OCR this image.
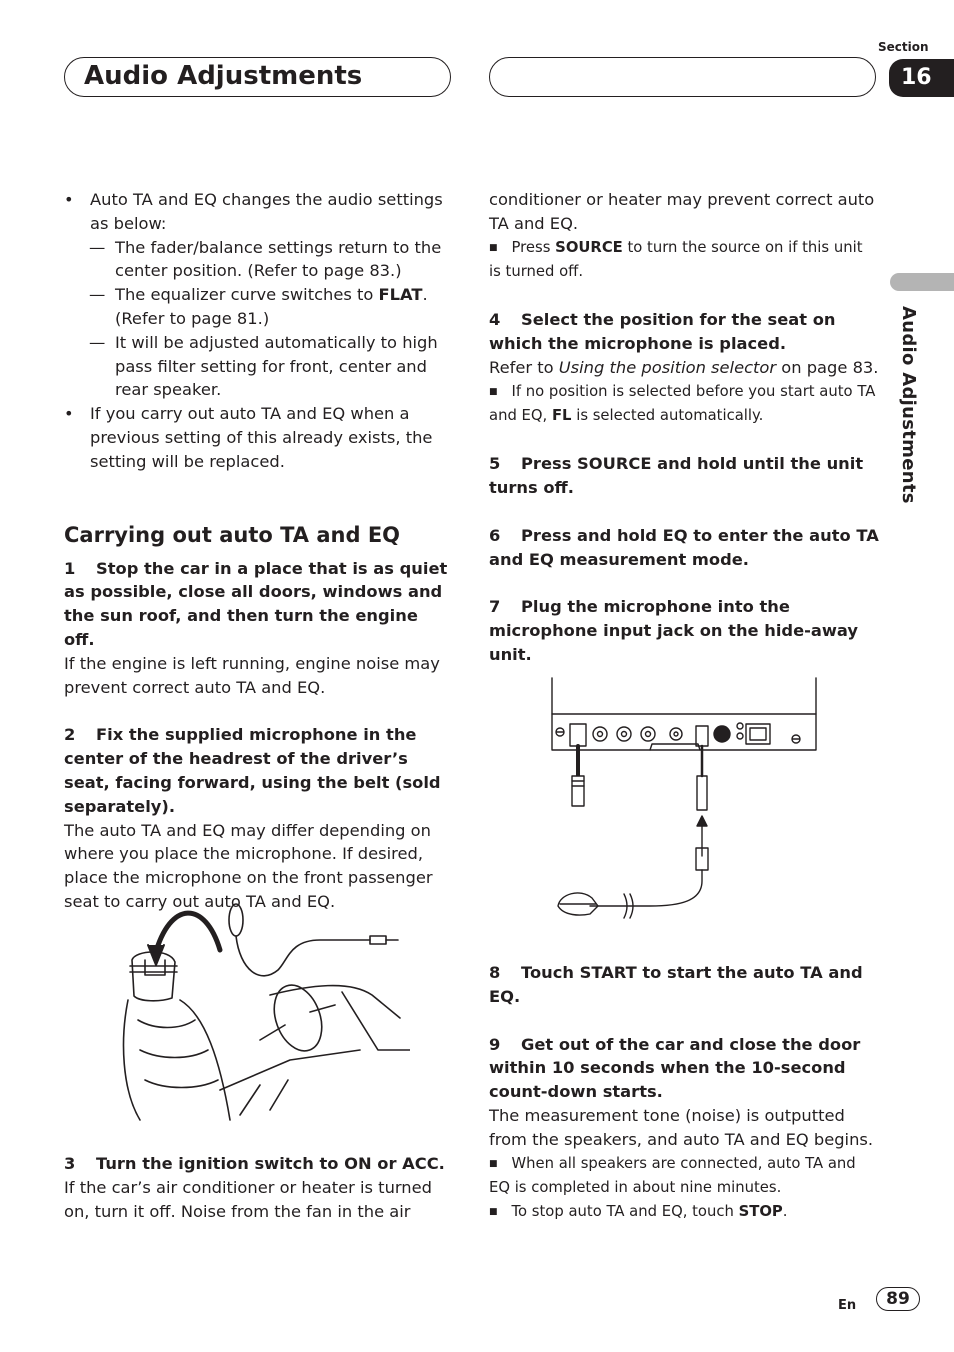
Audio Adjustments
Section
16
Audio Adjustments

• Auto TA and EQ changes the audio settings as below:

— The fader/balance settings return to the center position. (Refer to page 83.)

— The equalizer curve switches to FLAT. (Refer to page 81.)

— It will be adjusted automatically to high pass filter setting for front, center and rear speaker.

• If you carry out auto TA and EQ when a previous setting of this already exists, the setting will be replaced.

Carrying out auto TA and EQ

1 Stop the car in a place that is as quiet as possible, close all doors, windows and the sun roof, and then turn the engine off.

If the engine is left running, engine noise may prevent correct auto TA and EQ.

2 Fix the supplied microphone in the center of the headrest of the driver’s seat, facing forward, using the belt (sold separately).

The auto TA and EQ may differ depending on where you place the microphone. If desired, place the microphone on the front passenger seat to carry out auto TA and EQ.

3 Turn the ignition switch to ON or ACC.

If the car’s air conditioner or heater is turned on, turn it off. Noise from the fan in the air

conditioner or heater may prevent correct auto TA and EQ.

■ Press SOURCE to turn the source on if this unit is turned off.

4 Select the position for the seat on which the microphone is placed.

Refer to Using the position selector on page 83.

■ If no position is selected before you start auto TA and EQ, FL is selected automatically.

5 Press SOURCE and hold until the unit turns off.

6 Press and hold EQ to enter the auto TA and EQ measurement mode.

7 Plug the microphone into the microphone input jack on the hide-away unit.

8 Touch START to start the auto TA and EQ.

9 Get out of the car and close the door within 10 seconds when the 10-second count-down starts.

The measurement tone (noise) is outputted from the speakers, and auto TA and EQ begins.

■ When all speakers are connected, auto TA and EQ is completed in about nine minutes.

■ To stop auto TA and EQ, touch STOP.

En	89
